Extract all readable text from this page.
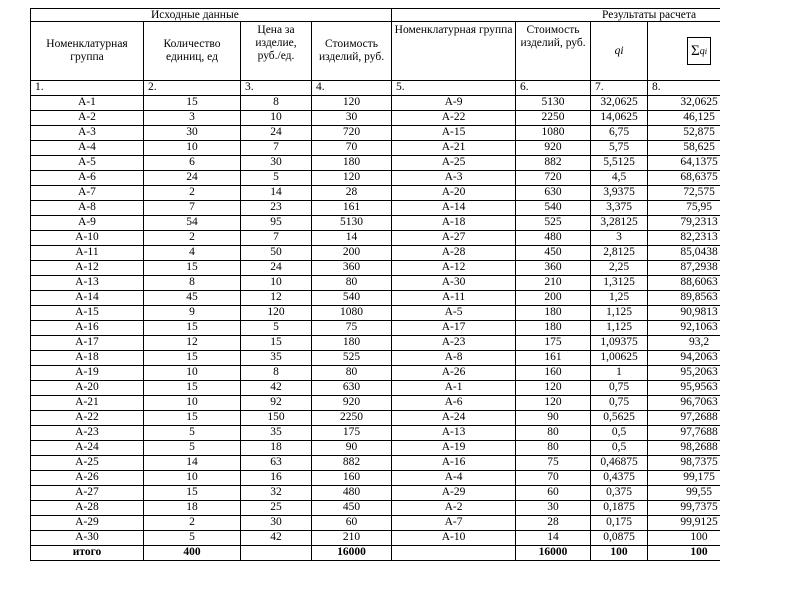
Исходные данные				Результаты расчета			
Номенклатурная группа	Количество единиц, ед	Цена за изделие, руб./ед.	Стоимость изделий, руб.	Номенклатурная группа	Стоимость изделий, руб.	qi	Σ q i

1.	2.	3.	4.	5.	6.	7.	8.
А-1	15	8	120	А-9	5130	32,0625	32,0625
А-2	3	10	30	А-22	2250	14,0625	46,125
А-3	30	24	720	А-15	1080	6,75	52,875
А-4	10	7	70	А-21	920	5,75	58,625
А-5	6	30	180	А-25	882	5,5125	64,1375
А-6	24	5	120	А-3	720	4,5	68,6375
А-7	2	14	28	А-20	630	3,9375	72,575
А-8	7	23	161	А-14	540	3,375	75,95
А-9	54	95	5130	А-18	525	3,28125	79,2313
А-10	2	7	14	А-27	480	3	82,2313
А-11	4	50	200	А-28	450	2,8125	85,0438
А-12	15	24	360	А-12	360	2,25	87,2938
А-13	8	10	80	А-30	210	1,3125	88,6063
А-14	45	12	540	А-11	200	1,25	89,8563
А-15	9	120	1080	А-5	180	1,125	90,9813
А-16	15	5	75	А-17	180	1,125	92,1063
А-17	12	15	180	А-23	175	1,09375	93,2
А-18	15	35	525	А-8	161	1,00625	94,2063
А-19	10	8	80	А-26	160	1	95,2063
А-20	15	42	630	А-1	120	0,75	95,9563
А-21	10	92	920	А-6	120	0,75	96,7063
А-22	15	150	2250	А-24	90	0,5625	97,2688
А-23	5	35	175	А-13	80	0,5	97,7688
А-24	5	18	90	А-19	80	0,5	98,2688
А-25	14	63	882	А-16	75	0,46875	98,7375
А-26	10	16	160	А-4	70	0,4375	99,175
А-27	15	32	480	А-29	60	0,375	99,55
А-28	18	25	450	А-2	30	0,1875	99,7375
А-29	2	30	60	А-7	28	0,175	99,9125
А-30	5	42	210	А-10	14	0,0875	100
итого	400		16000		16000	100	100
